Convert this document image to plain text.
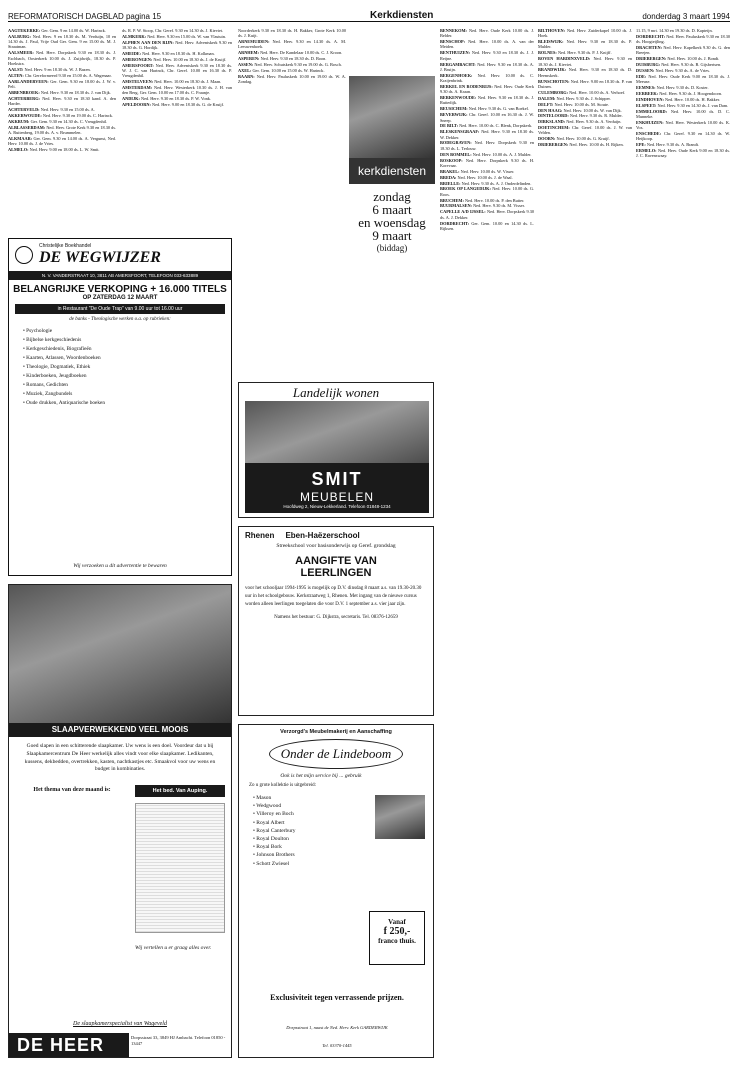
REFORMATORISCH DAGBLAD pagina 15	Kerkdiensten	donderdag 3 maart 1994

AAGTEKERKE: Ger. Gem. 9 en 14.00 ds. W. Harinck.

AALBURG: Ned. Herv. 9 en 18.30 ds. M. Verduijn, 10 en 14.30 ds. J. Paul, Vrije Oud Ger. Gem. 9 en 15.00 ds. M. J. Straatman.

AALSMEER: Ned. Herv. Dorpskerk 9.30 en 18.30 ds. J. Eschbach, Oosterkerk 10.00 ds. J. Zuijdwijk, 18.30 ds. P. Hoekstra.

AALST: Ned. Herv. 9 en 18.30 ds. W. J. Bazen.

ALTEN: Chr. Gereformeerd 9.30 en 15.00 ds. A. Wagenaar.

AARLANDERVEEN: Ger. Gem. 9.30 en 18.00 ds. J. W. v. Pelt.

ABBENBROEK: Ned. Herv. 9.30 en 18.30 ds. J. van Dijk.

ACHTERBERG: Ned. Herv. 9.30 en 18.30 kand. A. den Harder.

ACHTERVELD: Ned. Herv. 9.30 en 15.00 ds. A.

AKKERWOUDE: Ned. Herv. 9.30 en 19.00 ds. C. Harinck.

AKKRUM: Ger. Gem. 9.30 en 14.30 ds. C. Vreugdenhil.

ALBLASSERDAM: Ned. Herv. Grote Kerk 9.30 en 18.30 ds. A. Ruitenberg, 19.00 ds. A. v. Brummelen.

ALKMAAR: Ger. Gem. 9.30 en 14.00 ds. A. Vergunst, Ned. Herv. 10.00 ds. J. de Vries.

ALMELO: Ned. Herv. 9.00 en 18.00 ds. L. W. Smit.

ds. R. P. W. Stoop, Chr. Geref. 9.30 en 14.30 ds. J. Kieviet.

ALMKERK: Ned. Herv. 9.30 en 15.00 ds. W. van Vlastuin.

ALPHEN AAN DEN RIJN: Ned. Herv. Adventskerk 9.30 en 18.30 ds. G. Hordijk.

AMEIDE: Ned. Herv. 9.30 en 18.30 ds. H. Kolkman.

AMERONGEN: Ned. Herv. 10.00 en 18.30 ds. J. de Kruijf.

AMERSFOORT: Ned. Herv. Adventskerk 9.30 en 18.30 ds. W. J. C. van Harinck, Chr. Geref. 10.00 en 16.30 ds. P. Vreugdenhil.

AMSTELVEEN: Ned. Herv. 10.00 en 18.30 ds. J. Maan.

AMSTERDAM: Ned. Herv. Westerkerk 10.30 ds. J. H. van den Berg, Ger. Gem. 10.00 en 17.00 ds. C. Fraanje.

ANDIJK: Ned. Herv. 9.30 en 18.30 ds. P. W. Vonk.

APELDOORN: Ned. Herv. 9.00 en 18.30 ds. G. de Kruijf.

Noorderkerk 9.30 en 18.30 ds. H. Bakker, Grote Kerk 10.00 ds. J. Kuijt.

ARNEMUIDEN: Ned. Herv. 9.30 en 14.30 ds. A. M. Leeuwenhoek.

ARNHEM: Ned. Herv. De Kandelaar 10.00 ds. C. J. Kroon.

ASPEREN: Ned. Herv. 9.30 en 18.30 ds. D. Boon.

ASSEN: Ned. Herv. Schutskerk 9.30 en 19.00 ds. G. Bosch.

AXEL: Ger. Gem. 10.00 en 15.00 ds. W. Harinck.

BAARN: Ned. Herv. Pauluskerk 10.00 en 19.00 ds. W. A. Zondag.

kerkdiensten
zondag
6 maart
en woensdag
9 maart
(biddag)
Christelijke Boekhandel
DE WEGWIJZER
N. V. VANDERSTRAAT 10, 3811 AB AMERSFOORT, TELEFOON 033-633889
BELANGRIJKE VERKOPING + 16.000 TITELS
OP ZATERDAG 12 MAART
in Restaurant "De Oude Trap" van 9.00 uur tot 16.00 uur
de banks - Theologische werken o.a. op rubrieken:
• Psychologie
• Bijbelse kerkgeschiedenis
• Kerkgeschiedenis, Biografieën
• Kaarten, Atlassen, Woordenboeken
• Theologie, Dogmatiek, Ethiek
• Kinderboeken, Jeugdboeken
• Romans, Gedichten
• Muziek, Zangbundels
• Oude drukken, Antiquarische boeken
Wij verzoeken u dit advertentie te bewaren
Landelijk wonen
SMIT
MEUBELEN
Hoofdweg 2, Nieuw-Lekkerland. Telefoon 01848-1234
Rhenen     Eben-Haëzerschool
Streekschool voor basisonderwijs op Geref. grondslag
AANGIFTE VAN LEERLINGEN
voor het schooljaar 1994-1995 is mogelijk op D.V. dinsdag 8 maart a.s. van 19.30-20.30 uur in het schoolgebouw. Kerkstraatweg 1, Rhenen. Met ingang van de nieuwe cursus worden alleen leerlingen toegelaten die voor D.V. 1 september a.s. vier jaar zijn.
Namens het bestuur: G. Dijkstra, secretaris. Tel. 08376-12659
Verzorgd's Meubelmakerij en Aanschaffing
Onder de Lindeboom
Ook is het mijn service bij ... gebruik
Zo u grote kollektie is uitgebreid:
• Mason
• Wedgwood
• Villeroy en Boch
• Royal Albert
• Royal Canterbury
• Royal Doulton
• Royal Bork
• Johnson Brothers
• Schott Zwiesel
Vanaf
f 250,-
franco thuis.
Exclusiviteit tegen verrassende prijzen.
Dorpsstraat 1, naast de Ned. Herv. Kerk GARDERWIJK
Tel. 03370-1445
SLAAPVERWEKKEND VEEL MOOIS
Goed slapen in een schitterende slaapkamer. Uw wens is een doel. Voordeur dat u bij Slaapkamercentrum De Heer werkelijk alles vindt voor elke slaapkamer. Ledikanten, kussens, dekbedden, overtrekken, kasten, nachtkastjes etc. Smaakvol voor uw wens en budget in kombinaties.
Het thema van deze maand is:	Het bed. Van Auping.
Wij vertellen u er graag alles over.
De slaapkamerspecialist van Wageveld
DE HEER	Dorpsstraat 33, 3849 HJ Ambacht. Telefoon 01850 - 13447

BENNEKOM: Ned. Herv. Oude Kerk 10.00 ds. J. Belder.

BENSCHOP: Ned. Herv. 10.00 ds. A. van der Meiden.

BENTHUIZEN: Ned. Herv. 9.30 en 18.30 ds. J. J. Reijne.

BERGAMBACHT: Ned. Herv. 9.30 en 18.30 ds. A. J. Bruijn.

BERGENHOEK: Ned. Herv. 10.00 ds. C. Kraijenbrink.

BERKEL EN RODENRIJS: Ned. Herv. Oude Kerk 9.30 ds. A. Kraan.

BERKENWOUDE: Ned. Herv. 9.30 en 18.30 ds. J. Ruttedijk.

BEUSICHEM: Ned. Herv. 9.30 ds. G. van Boekel.

BEVERWIJK: Chr. Geref. 10.00 en 16.30 ds. J. W. Sneep.

DE BILT: Ned. Herv. 10.00 ds. C. Blenk, Dorpskerk.

BLESKENSGRAAF: Ned. Herv. 9.30 en 18.30 ds. W. Dekker.

BODEGRAVEN: Ned. Herv. Dorpskerk 9.30 en 18.30 ds. L. Terlouw.

DEN BOMMEL: Ned. Herv. 10.00 ds. A. J. Mulder.

BOSKOOP: Ned. Herv. Dorpskerk 9.30 ds. H. Korevaar.

BRAKEL: Ned. Herv. 10.00 ds. W. Visser.

BREDA: Ned. Herv. 10.00 ds. J. de Waal.

BRIELLE: Ned. Herv. 9.30 ds. A. J. Onderdelinden.

BROEK OP LANGEDIJK: Ned. Herv. 10.00 ds. G. Roos.

BRUCHEM: Ned. Herv. 10.00 ds. P. den Butter.

BUURMALSEN: Ned. Herv. 9.30 ds. M. Visser.

CAPELLE A/D IJSSEL: Ned. Herv. Dorpskerk 9.30 ds. A. J. Dekker.

DORDRECHT: Ger. Gem. 10.00 en 14.30 ds. L. Rijksen.

BILTHOVEN: Ned. Herv. Zuiderkapel 10.00 ds. J. Hoek.

BLEISWIJK: Ned. Herv. 9.30 en 18.30 ds. P. Mulder.

BOLNES: Ned. Herv. 9.30 ds. P. J. Knijff.

BOVEN HARDINXVELD: Ned. Herv. 9.30 en 18.30 ds. J. Kieviet.

BRANDWIJK: Ned. Herv. 9.30 en 18.30 ds. D. Heemskerk.

BUNSCHOTEN: Ned. Herv. 9.00 en 18.30 ds. P. van Duinen.

CULEMBORG: Ned. Herv. 10.00 ds. A. Verhoef.

DALEM: Ned. Herv. 9.30 ds. J. Schipper.

DELFT: Ned. Herv. 10.00 ds. M. Stoute.

DEN HAAG: Ned. Herv. 10.00 ds. W. van Dijk.

DINTELOORD: Ned. Herv. 9.30 ds. R. Mulder.

DIRKSLAND: Ned. Herv. 9.30 ds. A. Verduijn.

DOETINCHEM: Chr. Geref. 10.00 ds. J. W. van Velden.

DOORN: Ned. Herv. 10.00 ds. G. Kruijf.

DRIEBERGEN: Ned. Herv. 10.00 ds. H. Rijken.

11.15, 9 mrt. 14.30 en 19.30 ds. D. Kapteijn.

DORDRECHT: Ned. Herv. Pauluskerk 9.30 en 18.30 ds. Hoogteijling.

DRACHTEN: Ned. Herv. Kapelkerk 9.30 ds. G. den Breejen.

DRIEBERGEN: Ned. Herv. 10.00 ds. J. Bondt.

DUISBURG: Ned. Herv. 9.30 ds. B. Gijsbertsen.

DUSSEN: Ned. Herv. 9.30 ds. A. de Vries.

EDE: Ned. Herv. Oude Kerk 9.00 en 18.30 ds. J. Meeuse.

EEMNES: Ned. Herv. 9.30 ds. D. Koster.

EERBEEK: Ned. Herv. 9.30 ds. J. Hoogendoorn.

EINDHOVEN: Ned. Herv. 10.00 ds. H. Bakker.

ELSPEET: Ned. Herv. 9.30 en 14.30 ds. J. van Dam.

EMMELOORD: Ned. Herv. 10.00 ds. D. C. Munneke.

ENKHUIZEN: Ned. Herv. Westerkerk 10.00 ds. K. Vos.

ENSCHEDE: Chr. Geref. 9.30 en 14.30 ds. W. Heijkoop.

EPE: Ned. Herv. 9.30 ds. A. Brandt.

ERMELO: Ned. Herv. Oude Kerk 9.00 en 18.30 ds. J. C. Ravenswaay.
